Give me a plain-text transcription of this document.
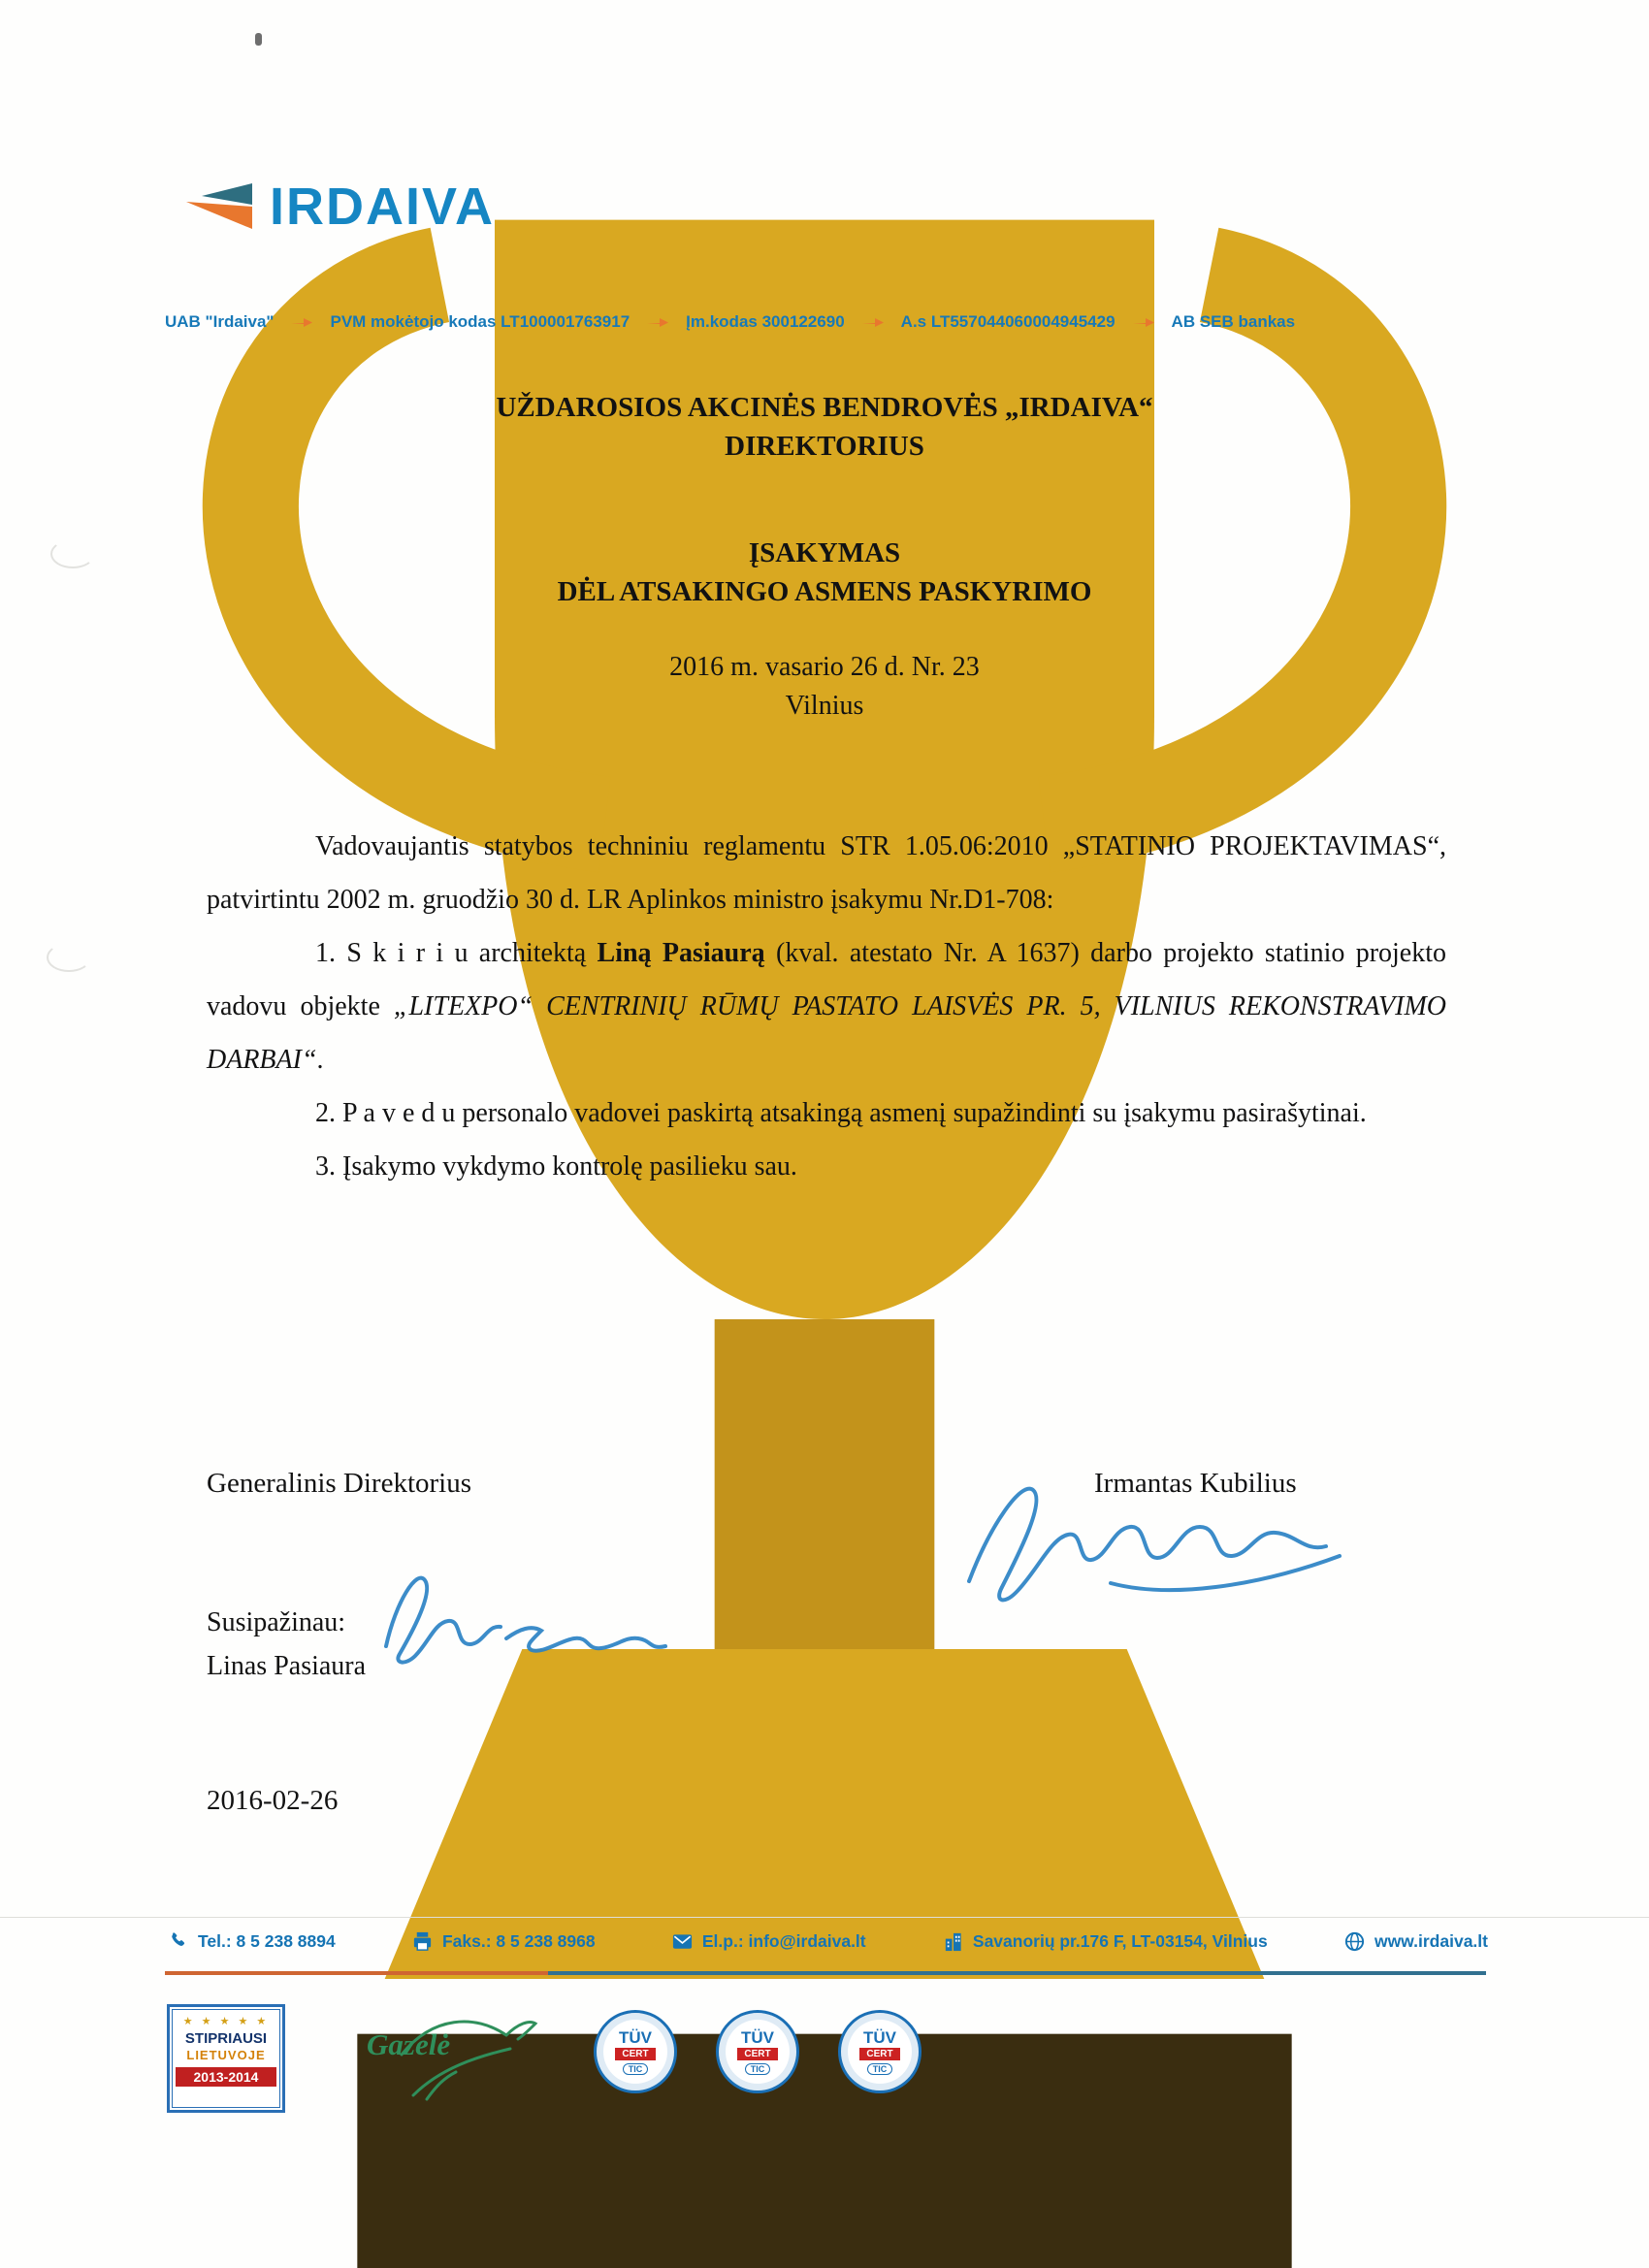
IRDAIVA
UAB "Irdaiva"	PVM mokėtojo kodas LT100001763917	Įm.kodas 300122690	A.s LT557044060004945429	AB SEB bankas
UŽDAROSIOS AKCINĖS BENDROVĖS „IRDAIVA“
DIREKTORIUS
ĮSAKYMAS
DĖL ATSAKINGO ASMENS PASKYRIMO
2016 m. vasario 26 d. Nr. 23
Vilnius

Vadovaujantis statybos techniniu reglamentu STR 1.05.06:2010 „STATINIO PROJEKTAVIMAS“, patvirtintu 2002 m. gruodžio 30 d. LR Aplinkos ministro įsakymu Nr.D1-708:

1. S k i r i u architektą Liną Pasiaurą (kval. atestato Nr. A 1637) darbo projekto statinio projekto vadovu objekte „LITEXPO“ CENTRINIŲ RŪMŲ PASTATO LAISVĖS PR. 5, VILNIUS REKONSTRAVIMO DARBAI“.

2. P a v e d u personalo vadovei paskirtą atsakingą asmenį supažindinti su įsakymu pasirašytinai.

3. Įsakymo vykdymo kontrolę pasilieku sau.

Generalinis Direktorius	Irmantas Kubilius
Susipažinau:
Linas Pasiaura
2016-02-26
Tel.: 8 5 238 8894	Faks.: 8 5 238 8968	El.p.: info@irdaiva.lt	Savanorių pr.176 F, LT-03154, Vilnius	www.irdaiva.lt
★ ★ ★ ★ ★
STIPRIAUSI
LIETUVOJE
2013-2014
Gazelė	TÜV
CERT
TIC
TÜV
CERT
TIC
TÜV
CERT
TIC
